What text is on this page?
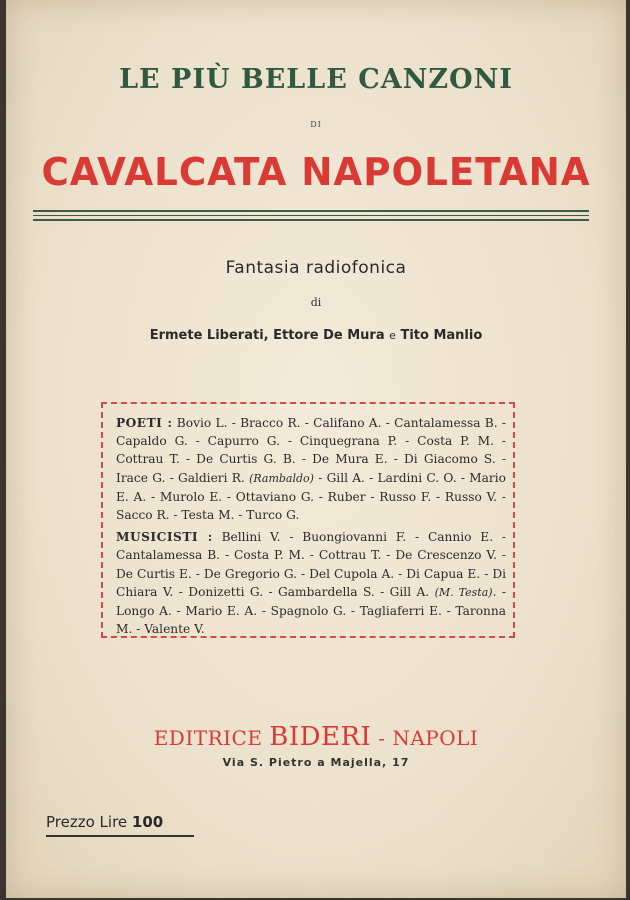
LE PIÙ BELLE CANZONI
DI
CAVALCATA NAPOLETANA
Fantasia radiofonica
di
Ermete Liberati, Ettore De Mura e Tito Manlio

POETI : Bovio L. - Bracco R. - Califano A. - Cantalamessa B. - Capaldo G. - Capurro G. - Cinquegrana P. - Costa P. M. - Cottrau T. - De Curtis G. B. - De Mura E. - Di Giacomo S. - Irace G. - Galdieri R. (Rambaldo) - Gill A. - Lardini C. O. - Mario E. A. - Murolo E. - Ottaviano G. - Ruber - Russo F. - Russo V. - Sacco R. - Testa M. - Turco G.

MUSICISTI : Bellini V. - Buongiovanni F. - Cannio E. - Cantalamessa B. - Costa P. M. - Cottrau T. - De Crescenzo V. - De Curtis E. - De Gregorio G. - Del Cupola A. - Di Capua E. - Di Chiara V. - Donizetti G. - Gambardella S. - Gill A. (M. Testa). - Longo A. - Mario E. A. - Spagnolo G. - Tagliaferri E. - Taronna M. - Valente V.

EDITRICE BIDERI - NAPOLI
Via S. Pietro a Majella, 17
Prezzo Lire 100
